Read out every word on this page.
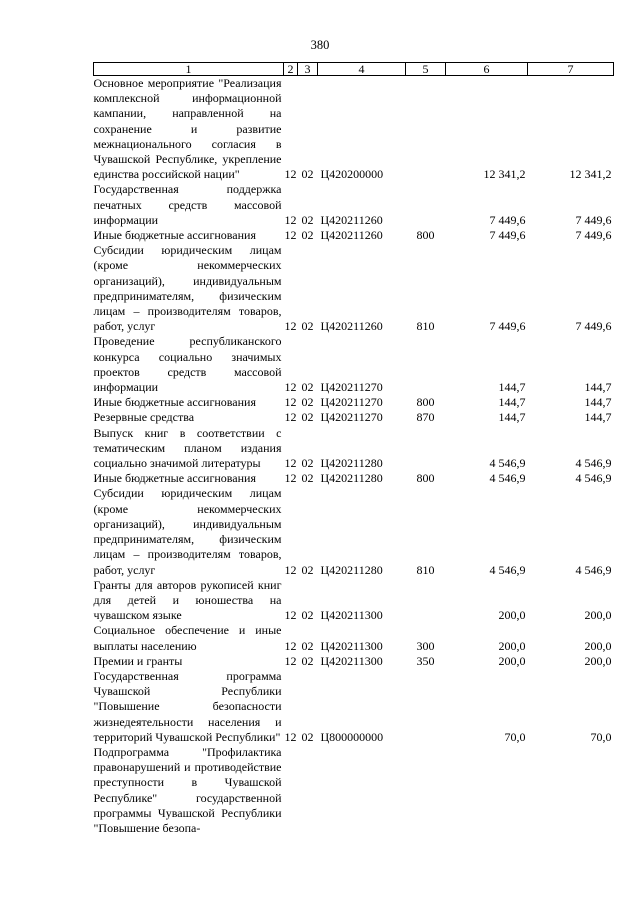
380
1	2	3	4	5	6	7
Основное мероприятие "Реализация комплексной информационной кампании, направленной на сохранение и развитие межнационального согласия в Чувашской Республике, укрепление единства российской нации"	12	02	Ц420200000		12 341,2	12 341,2
Государственная поддержка печатных средств массовой информации	12	02	Ц420211260		7 449,6	7 449,6
Иные бюджетные ассигнования	12	02	Ц420211260	800	7 449,6	7 449,6
Субсидии юридическим лицам (кроме некоммерческих организаций), индивидуальным предпринимателям, физическим лицам – производителям товаров, работ, услуг	12	02	Ц420211260	810	7 449,6	7 449,6
Проведение республиканского конкурса социально значимых проектов средств массовой информации	12	02	Ц420211270		144,7	144,7
Иные бюджетные ассигнования	12	02	Ц420211270	800	144,7	144,7
Резервные средства	12	02	Ц420211270	870	144,7	144,7
Выпуск книг в соответствии с тематическим планом издания социально значимой литературы	12	02	Ц420211280		4 546,9	4 546,9
Иные бюджетные ассигнования	12	02	Ц420211280	800	4 546,9	4 546,9
Субсидии юридическим лицам (кроме некоммерческих организаций), индивидуальным предпринимателям, физическим лицам – производителям товаров, работ, услуг	12	02	Ц420211280	810	4 546,9	4 546,9
Гранты для авторов рукописей книг для детей и юношества на чувашском языке	12	02	Ц420211300		200,0	200,0
Социальное обеспечение и иные выплаты населению	12	02	Ц420211300	300	200,0	200,0
Премии и гранты	12	02	Ц420211300	350	200,0	200,0
Государственная программа Чувашской Республики "Повышение безопасности жизнедеятельности населения и территорий Чувашской Республики"	12	02	Ц800000000		70,0	70,0
Подпрограмма "Профилактика правонарушений и противодействие преступности в Чувашской Республике" государственной программы Чувашской Республики "Повышение безопа-						
